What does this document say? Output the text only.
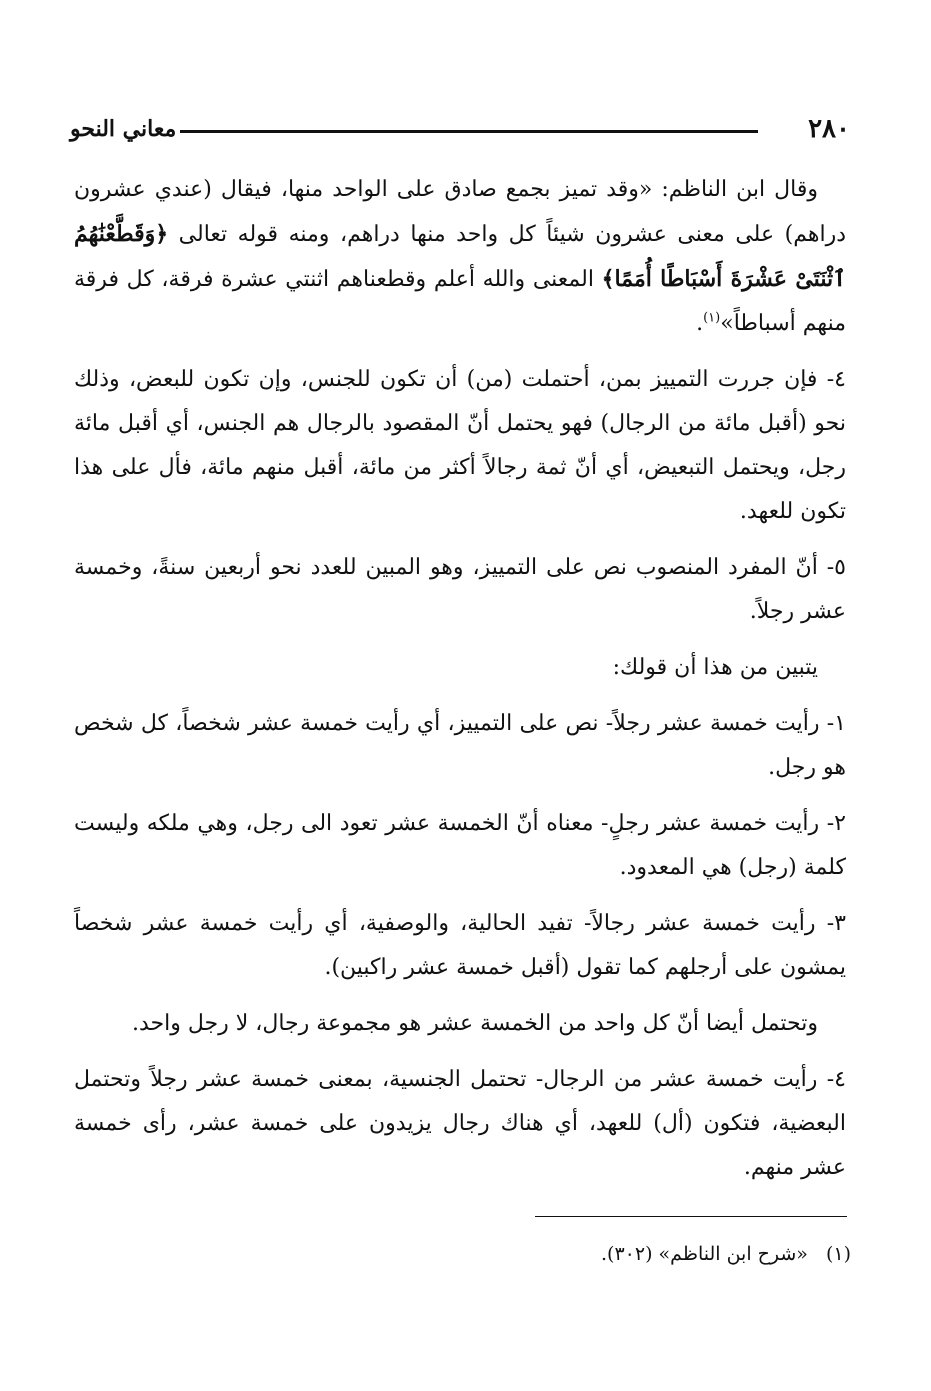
٢٨٠
معاني النحو

وقال ابن الناظم: «وقد تميز بجمع صادق على الواحد منها، فيقال (عندي عشرون دراهم) على معنى عشرون شيئاً كل واحد منها دراهم، ومنه قوله تعالى ﴿وَقَطَّعْنَٰهُمُ ٱثْنَتَىْ عَشْرَةَ أَسْبَاطًا أُمَمًا﴾ المعنى والله أعلم وقطعناهم اثنتي عشرة فرقة، كل فرقة منهم أسباطاً»$^{(١)}$.

٤- فإن جررت التمييز بمن، أحتملت (من) أن تكون للجنس، وإن تكون للبعض، وذلك نحو (أقبل مائة من الرجال) فهو يحتمل أنّ المقصود بالرجال هم الجنس، أي أقبل مائة رجل، ويحتمل التبعيض، أي أنّ ثمة رجالاً أكثر من مائة، أقبل منهم مائة، فأل على هذا تكون للعهد.

٥- أنّ المفرد المنصوب نص على التمييز، وهو المبين للعدد نحو أربعين سنةً، وخمسة عشر رجلاً.

يتبين من هذا أن قولك:

١- رأيت خمسة عشر رجلاً- نص على التمييز، أي رأيت خمسة عشر شخصاً، كل شخص هو رجل.

٢- رأيت خمسة عشر رجلٍ- معناه أنّ الخمسة عشر تعود الى رجل، وهي ملكه وليست كلمة (رجل) هي المعدود.

٣- رأيت خمسة عشر رجالاً- تفيد الحالية، والوصفية، أي رأيت خمسة عشر شخصاً يمشون على أرجلهم كما تقول (أقبل خمسة عشر راكبين).

وتحتمل أيضا أنّ كل واحد من الخمسة عشر هو مجموعة رجال، لا رجل واحد.

٤- رأيت خمسة عشر من الرجال- تحتمل الجنسية، بمعنى خمسة عشر رجلاً وتحتمل البعضية، فتكون (أل) للعهد، أي هناك رجال يزيدون على خمسة عشر، رأى خمسة عشر منهم.

(١)«شرح ابن الناظم» (٣٠٢).
